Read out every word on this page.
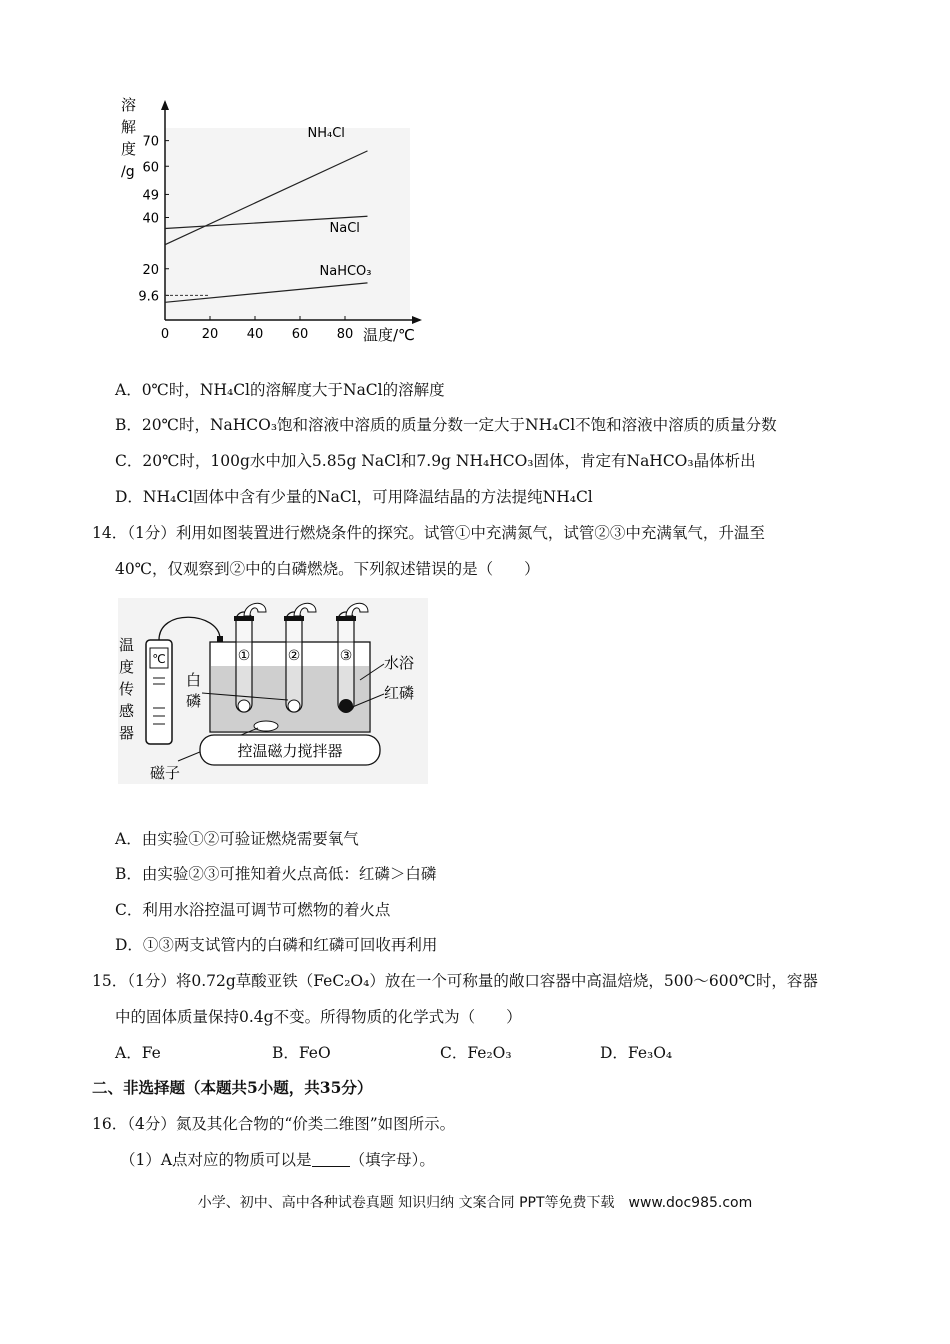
0	20 40 60 80
9.6
20
40
49
60
70
NH₄Cl
NaCl
NaHCO₃
溶
解
度
/g
温度/℃
A．0℃时，NH₄Cl的溶解度大于NaCl的溶解度
B．20℃时，NaHCO₃饱和溶液中溶质的质量分数一定大于NH₄Cl不饱和溶液中溶质的质量分数
C．20℃时，100g水中加入5.85g NaCl和7.9g NH₄HCO₃固体，肯定有NaHCO₃晶体析出
D．NH₄Cl固体中含有少量的NaCl，可用降温结晶的方法提纯NH₄Cl
14．（1分）利用如图装置进行燃烧条件的探究。试管①中充满氮气，试管②③中充满氧气，升温至
40℃，仅观察到②中的白磷燃烧。下列叙述错误的是（　　）
℃
温度传感器
①	②	③
白
磷
磁子
控温磁力搅拌器
水浴
红磷
A．由实验①②可验证燃烧需要氧气
B．由实验②③可推知着火点高低：红磷＞白磷
C．利用水浴控温可调节可燃物的着火点
D．①③两支试管内的白磷和红磷可回收再利用
15．（1分）将0.72g草酸亚铁（FeC₂O₄）放在一个可称量的敞口容器中高温焙烧，500～600℃时，容器
中的固体质量保持0.4g不变。所得物质的化学式为（　　）
A．Fe	B．FeO	C．Fe₂O₃	D．Fe₃O₄
二、非选择题（本题共5小题，共35分）
16．（4分）氮及其化合物的“价类二维图”如图所示。
（1）A点对应的物质可以是 （填字母）。
小学、初中、高中各种试卷真题 知识归纳 文案合同 PPT等免费下载　www.doc985.com
